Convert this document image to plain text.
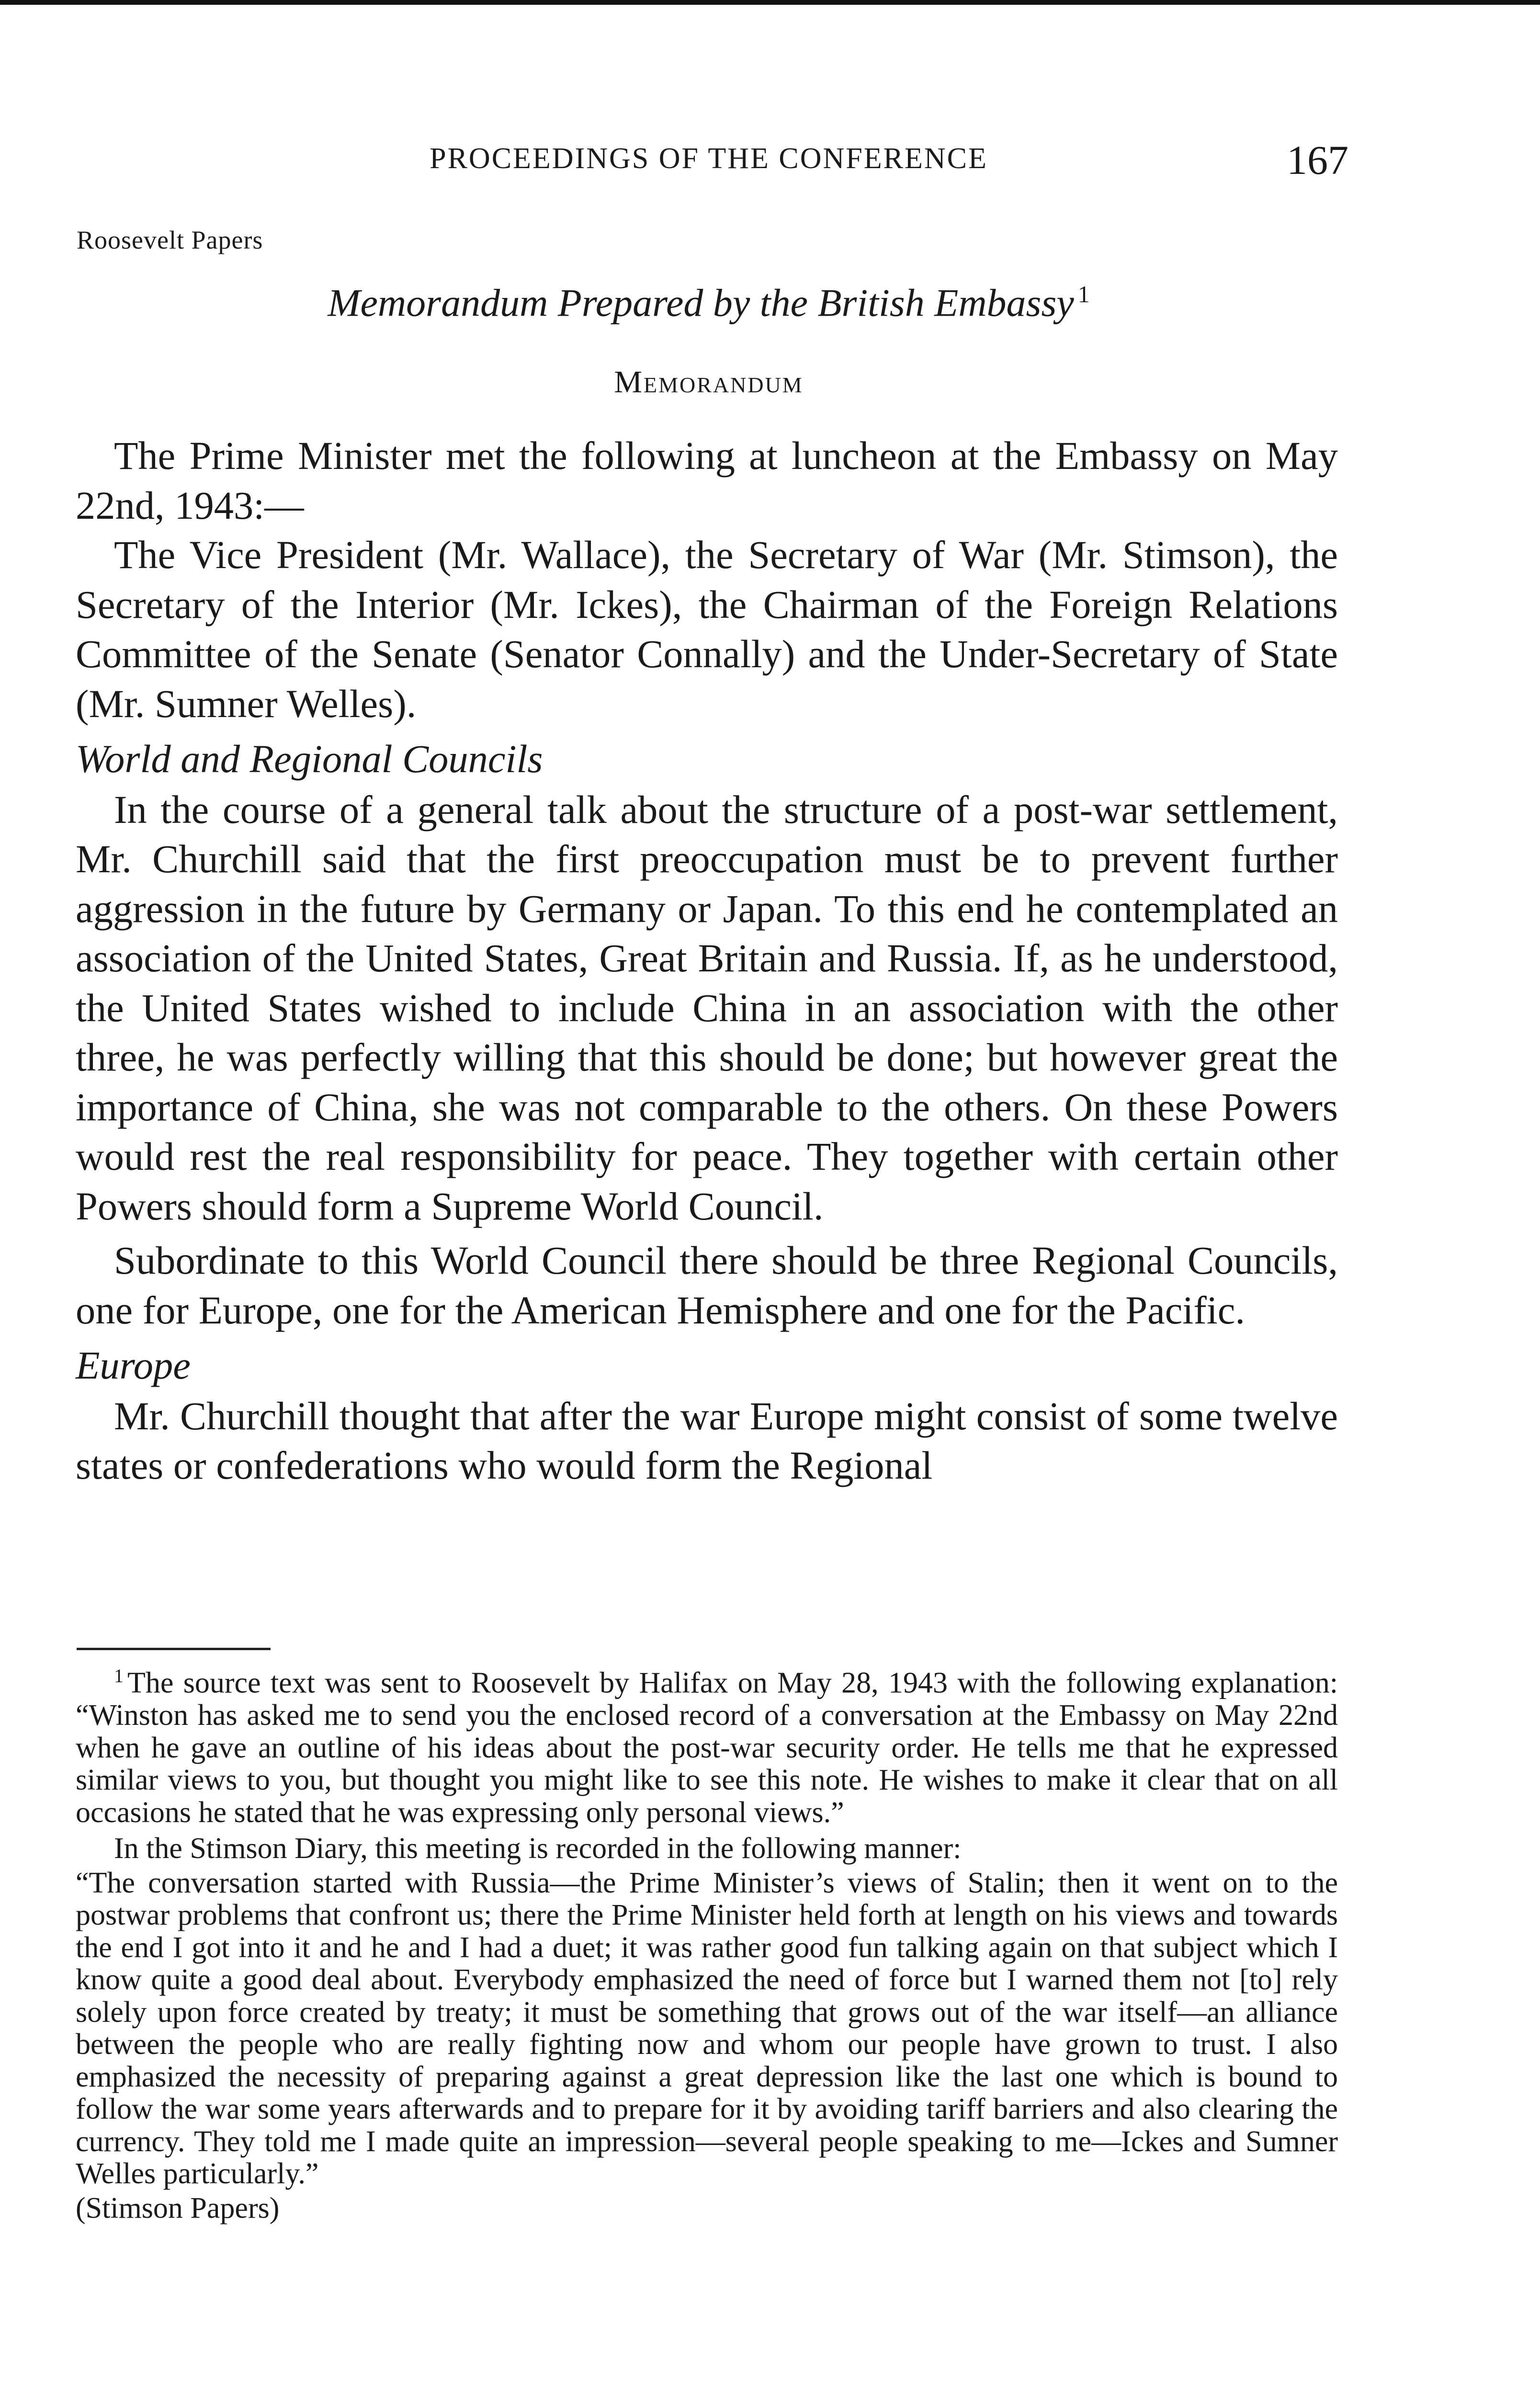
PROCEEDINGS OF THE CONFERENCE	167
Roosevelt Papers
Memorandum Prepared by the British Embassy $^1$
Memorandum

The Prime Minister met the following at luncheon at the Embassy on May 22nd, 1943:—

The Vice President (Mr. Wallace), the Secretary of War (Mr. Stimson), the Secretary of the Interior (Mr. Ickes), the Chairman of the Foreign Relations Committee of the Senate (Senator Connally) and the Under-Secretary of State (Mr. Sumner Welles).

World and Regional Councils

In the course of a general talk about the structure of a post-war settlement, Mr. Churchill said that the first preoccupation must be to prevent further aggression in the future by Germany or Japan. To this end he contemplated an association of the United States, Great Britain and Russia. If, as he understood, the United States wished to include China in an association with the other three, he was perfectly willing that this should be done; but however great the importance of China, she was not comparable to the others. On these Powers would rest the real responsibility for peace. They together with certain other Powers should form a Supreme World Council.

Subordinate to this World Council there should be three Regional Councils, one for Europe, one for the American Hemisphere and one for the Pacific.

Europe

Mr. Churchill thought that after the war Europe might consist of some twelve states or confederations who would form the Regional

$^1$ The source text was sent to Roosevelt by Halifax on May 28, 1943 with the following explanation: “Winston has asked me to send you the enclosed record of a conversation at the Embassy on May 22nd when he gave an outline of his ideas about the post-war security order. He tells me that he expressed similar views to you, but thought you might like to see this note. He wishes to make it clear that on all occasions he stated that he was expressing only personal views.”

In the Stimson Diary, this meeting is recorded in the following manner:

“The conversation started with Russia—the Prime Minister’s views of Stalin; then it went on to the postwar problems that confront us; there the Prime Minister held forth at length on his views and towards the end I got into it and he and I had a duet; it was rather good fun talking again on that subject which I know quite a good deal about. Everybody emphasized the need of force but I warned them not [to] rely solely upon force created by treaty; it must be something that grows out of the war itself—an alliance between the people who are really fighting now and whom our people have grown to trust. I also emphasized the necessity of preparing against a great depression like the last one which is bound to follow the war some years afterwards and to prepare for it by avoiding tariff barriers and also clearing the currency. They told me I made quite an impression—several people speaking to me—Ickes and Sumner Welles particularly.”

(Stimson Papers)
